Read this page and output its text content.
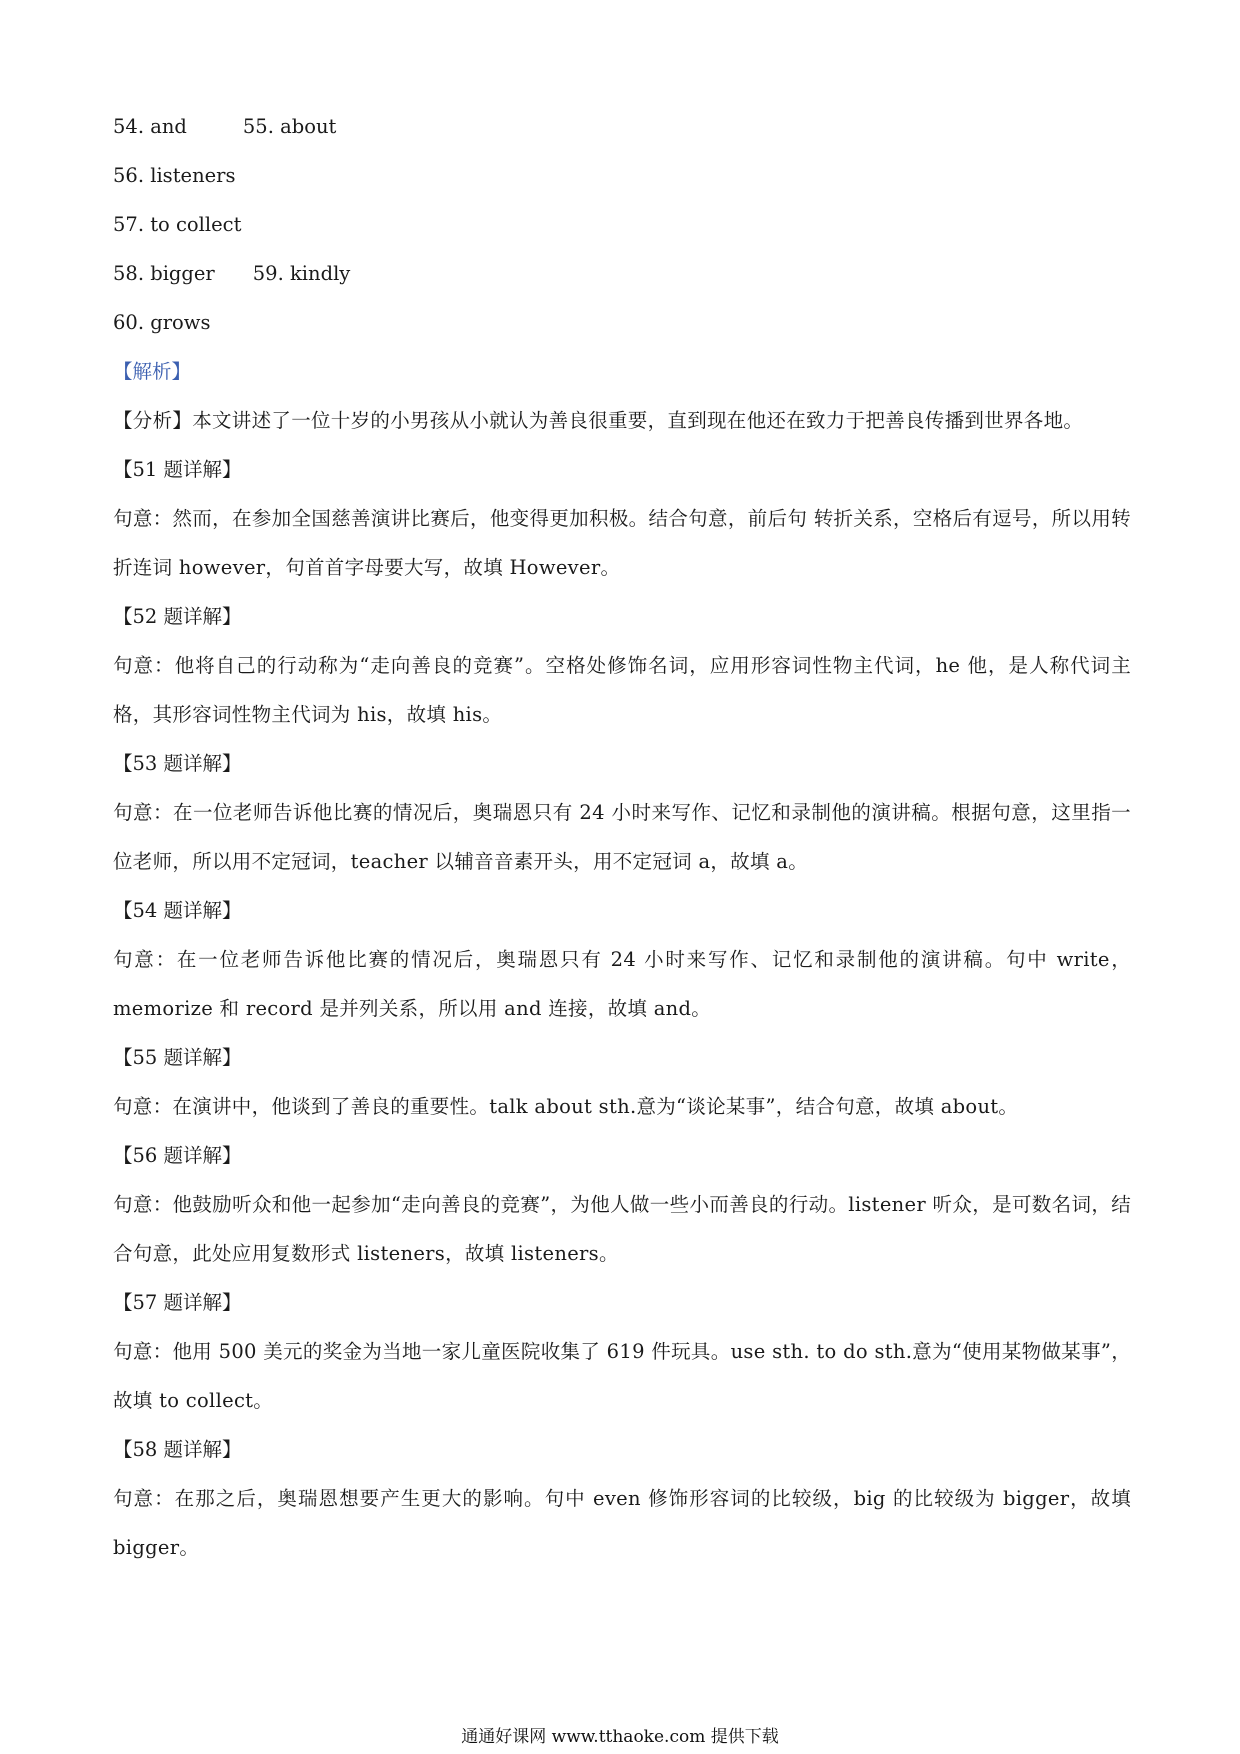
54. and	55. about
56. listeners
57. to collect
58. bigger 59. kindly
60. grows
【解析】
【分析】本文讲述了一位十岁的小男孩从小就认为善良很重要，直到现在他还在致力于把善良传播到世界各地。
【51 题详解】
句意：然而，在参加全国慈善演讲比赛后，他变得更加积极。结合句意，前后句 转折关系，空格后有逗号，所以用转折连词 however，句首首字母要大写，故填 However。
【52 题详解】
句意：他将自己的行动称为“走向善良的竞赛”。空格处修饰名词，应用形容词性物主代词，he 他，是人称代词主格，其形容词性物主代词为 his，故填 his。
【53 题详解】
句意：在一位老师告诉他比赛的情况后，奥瑞恩只有 24 小时来写作、记忆和录制他的演讲稿。根据句意，这里指一位老师，所以用不定冠词，teacher 以辅音音素开头，用不定冠词 a，故填 a。
【54 题详解】
句意：在一位老师告诉他比赛的情况后，奥瑞恩只有 24 小时来写作、记忆和录制他的演讲稿。句中 write，memorize 和 record 是并列关系，所以用 and 连接，故填 and。
【55 题详解】
句意：在演讲中，他谈到了善良的重要性。talk about sth.意为“谈论某事”，结合句意，故填 about。
【56 题详解】
句意：他鼓励听众和他一起参加“走向善良的竞赛”，为他人做一些小而善良的行动。listener 听众，是可数名词，结合句意，此处应用复数形式 listeners，故填 listeners。
【57 题详解】
句意：他用 500 美元的奖金为当地一家儿童医院收集了 619 件玩具。use sth. to do sth.意为“使用某物做某事”，故填 to collect。
【58 题详解】
句意：在那之后，奥瑞恩想要产生更大的影响。句中 even 修饰形容词的比较级，big 的比较级为 bigger，故填 bigger。
通通好课网 www.tthaoke.com 提供下载
